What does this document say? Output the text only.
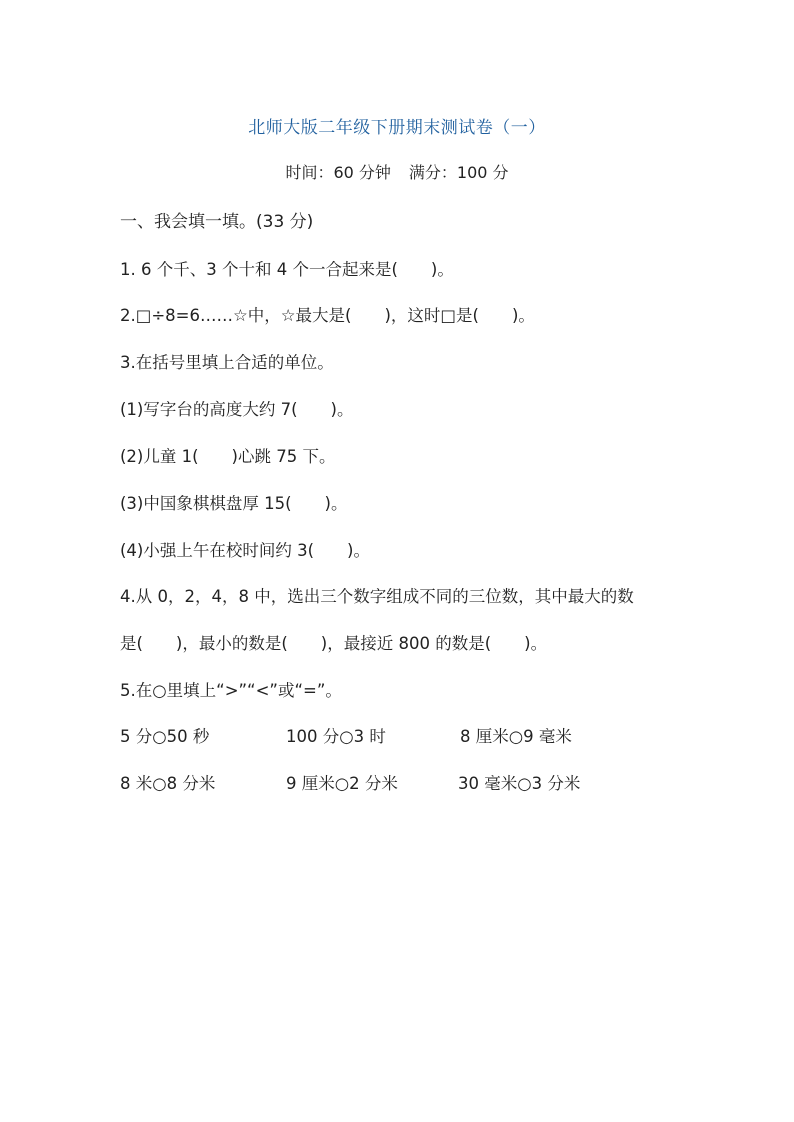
北师大版二年级下册期末测试卷（一）
时间：60 分钟 满分：100 分
一、我会填一填。(33 分)
1. 6 个千、3 个十和 4 个一合起来是(　　)。
2.□÷8=6……☆中，☆最大是(　　)，这时□是(　　)。
3.在括号里填上合适的单位。
(1)写字台的高度大约 7(　　)。
(2)儿童 1(　　)心跳 75 下。
(3)中国象棋棋盘厚 15(　　)。
(4)小强上午在校时间约 3(　　)。
4.从 0，2，4，8 中，选出三个数字组成不同的三位数，其中最大的数
是(　　)，最小的数是(　　)，最接近 800 的数是(　　)。
5.在○里填上“>”“<”或“=”。
5 分○50 秒	100 分○3 时	8 厘米○9 毫米
8 米○8 分米	9 厘米○2 分米	30 毫米○3 分米
